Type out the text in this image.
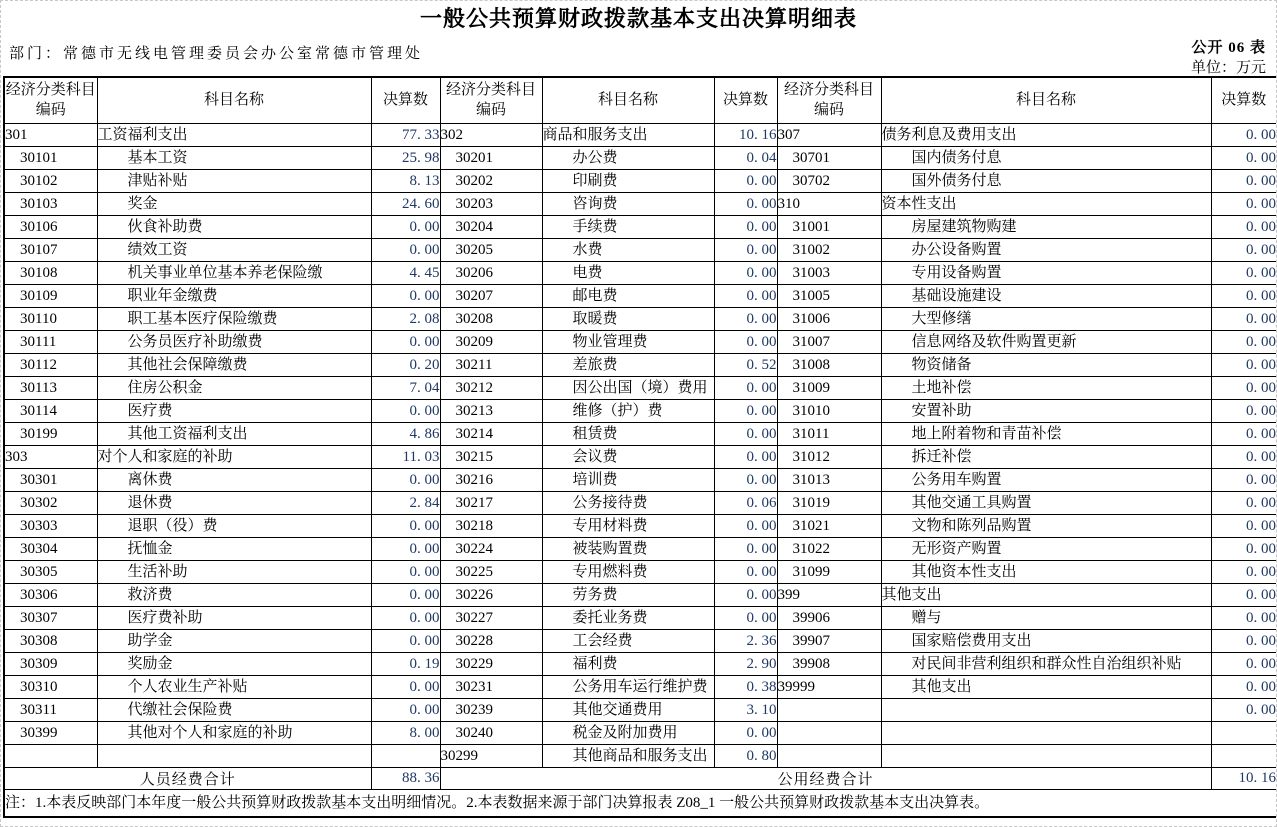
一般公共预算财政拨款基本支出决算明细表
部门：常德市无线电管理委员会办公室常德市管理处	公开 06 表
单位：万元
经济分类科目编码	科目名称	决算数	经济分类科目编码	科目名称	决算数	经济分类科目编码	科目名称	决算数
301	工资福利支出	77. 33	302	商品和服务支出	10. 16	307	债务利息及费用支出	0. 00
　30101	　　基本工资	25. 98	　30201	　　办公费	0. 04	　30701	　　国内债务付息	0. 00
　30102	　　津贴补贴	8. 13	　30202	　　印刷费	0. 00	　30702	　　国外债务付息	0. 00
　30103	　　奖金	24. 60	　30203	　　咨询费	0. 00	310	资本性支出	0. 00
　30106	　　伙食补助费	0. 00	　30204	　　手续费	0. 00	　31001	　　房屋建筑物购建	0. 00
　30107	　　绩效工资	0. 00	　30205	　　水费	0. 00	　31002	　　办公设备购置	0. 00
　30108	　　机关事业单位基本养老保险缴	4. 45	　30206	　　电费	0. 00	　31003	　　专用设备购置	0. 00
　30109	　　职业年金缴费	0. 00	　30207	　　邮电费	0. 00	　31005	　　基础设施建设	0. 00
　30110	　　职工基本医疗保险缴费	2. 08	　30208	　　取暖费	0. 00	　31006	　　大型修缮	0. 00
　30111	　　公务员医疗补助缴费	0. 00	　30209	　　物业管理费	0. 00	　31007	　　信息网络及软件购置更新	0. 00
　30112	　　其他社会保障缴费	0. 20	　30211	　　差旅费	0. 52	　31008	　　物资储备	0. 00
　30113	　　住房公积金	7. 04	　30212	　　因公出国（境）费用	0. 00	　31009	　　土地补偿	0. 00
　30114	　　医疗费	0. 00	　30213	　　维修（护）费	0. 00	　31010	　　安置补助	0. 00
　30199	　　其他工资福利支出	4. 86	　30214	　　租赁费	0. 00	　31011	　　地上附着物和青苗补偿	0. 00
303	对个人和家庭的补助	11. 03	　30215	　　会议费	0. 00	　31012	　　拆迁补偿	0. 00
　30301	　　离休费	0. 00	　30216	　　培训费	0. 00	　31013	　　公务用车购置	0. 00
　30302	　　退休费	2. 84	　30217	　　公务接待费	0. 06	　31019	　　其他交通工具购置	0. 00
　30303	　　退职（役）费	0. 00	　30218	　　专用材料费	0. 00	　31021	　　文物和陈列品购置	0. 00
　30304	　　抚恤金	0. 00	　30224	　　被装购置费	0. 00	　31022	　　无形资产购置	0. 00
　30305	　　生活补助	0. 00	　30225	　　专用燃料费	0. 00	　31099	　　其他资本性支出	0. 00
　30306	　　救济费	0. 00	　30226	　　劳务费	0. 00	399	其他支出	0. 00
　30307	　　医疗费补助	0. 00	　30227	　　委托业务费	0. 00	　39906	　　赠与	0. 00
　30308	　　助学金	0. 00	　30228	　　工会经费	2. 36	　39907	　　国家赔偿费用支出	0. 00
　30309	　　奖励金	0. 19	　30229	　　福利费	2. 90	　39908	　　对民间非营利组织和群众性自治组织补贴	0. 00
　30310	　　个人农业生产补贴	0. 00	　30231	　　公务用车运行维护费	0. 38	39999	　　其他支出	0. 00
　30311	　　代缴社会保险费	0. 00	　30239	　　其他交通费用	3. 10			0. 00
　30399	　　其他对个人和家庭的补助	8. 00	　30240	　　税金及附加费用	0. 00			
			30299	　　其他商品和服务支出	0. 80			
人员经费合计		88. 36	公用经费合计					10. 16
注：1.本表反映部门本年度一般公共预算财政拨款基本支出明细情况。2.本表数据来源于部门决算报表 Z08_1 一般公共预算财政拨款基本支出决算表。								
